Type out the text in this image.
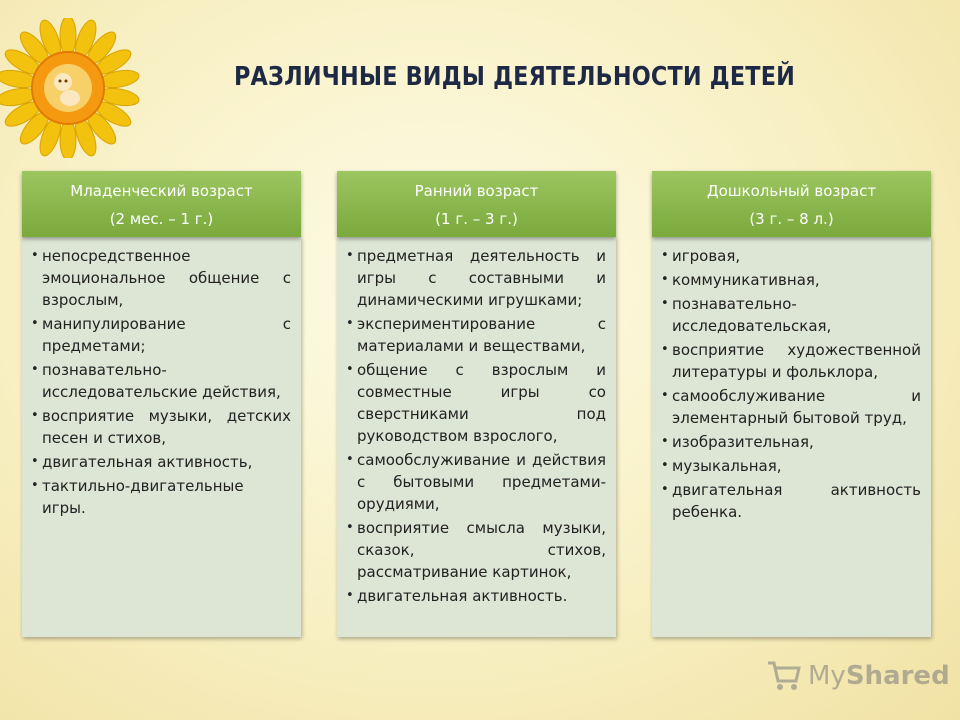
РАЗЛИЧНЫЕ ВИДЫ ДЕЯТЕЛЬНОСТИ ДЕТЕЙ
Младенческий возраст
(2 мес. – 1 г.)
• непосредственное эмоциональное общение с взрослым,
• манипулирование с предметами;
• познавательно-исследовательские действия,
• восприятие музыки, детских песен и стихов,
• двигательная активность,
• тактильно-двигательные игры.
Ранний возраст
(1 г. – 3 г.)
• предметная деятельность и игры с составными и динамическими игрушками;
• экспериментирование с материалами и веществами,
• общение с взрослым и совместные игры со сверстниками под руководством взрослого,
• самообслуживание и действия с бытовыми предметами-орудиями,
• восприятие смысла музыки, сказок, стихов, рассматривание картинок,
• двигательная активность.
Дошкольный возраст
(3 г. – 8 л.)
• игровая,
• коммуникативная,
• познавательно-исследовательская,
• восприятие художественной литературы и фольклора,
• самообслуживание и элементарный бытовой труд,
• изобразительная,
• музыкальная,
• двигательная активность ребенка.
MyShared
